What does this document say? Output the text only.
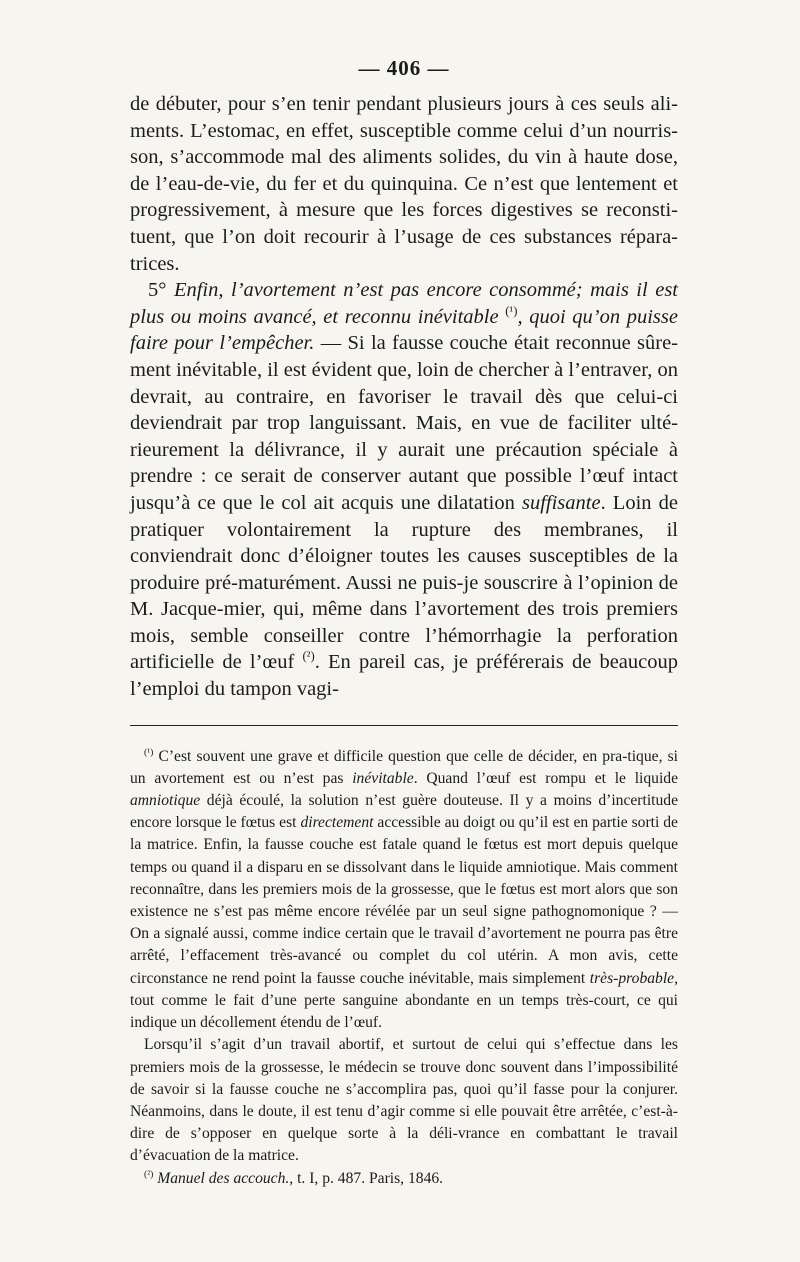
— 406 —

de débuter, pour s’en tenir pendant plusieurs jours à ces seuls ali-ments. L’estomac, en effet, susceptible comme celui d’un nourris-son, s’accommode mal des aliments solides, du vin à haute dose, de l’eau-de-vie, du fer et du quinquina. Ce n’est que lentement et progressivement, à mesure que les forces digestives se reconsti-tuent, que l’on doit recourir à l’usage de ces substances répara-trices.

5° Enfin, l’avortement n’est pas encore consommé; mais il est plus ou moins avancé, et reconnu inévitable $^{(^1)}$, quoi qu’on puisse faire pour l’empêcher. — Si la fausse couche était reconnue sûre-ment inévitable, il est évident que, loin de chercher à l’entraver, on devrait, au contraire, en favoriser le travail dès que celui-ci deviendrait par trop languissant. Mais, en vue de faciliter ulté-rieurement la délivrance, il y aurait une précaution spéciale à prendre : ce serait de conserver autant que possible l’œuf intact jusqu’à ce que le col ait acquis une dilatation suffisante. Loin de pratiquer volontairement la rupture des membranes, il conviendrait donc d’éloigner toutes les causes susceptibles de la produire pré-maturément. Aussi ne puis-je souscrire à l’opinion de M. Jacque-mier, qui, même dans l’avortement des trois premiers mois, semble conseiller contre l’hémorrhagie la perforation artificielle de l’œuf $^{(^2)}$. En pareil cas, je préférerais de beaucoup l’emploi du tampon vagi-

$^{(^1)}$ C’est souvent une grave et difficile question que celle de décider, en pra-tique, si un avortement est ou n’est pas inévitable. Quand l’œuf est rompu et le liquide amniotique déjà écoulé, la solution n’est guère douteuse. Il y a moins d’incertitude encore lorsque le fœtus est directement accessible au doigt ou qu’il est en partie sorti de la matrice. Enfin, la fausse couche est fatale quand le fœtus est mort depuis quelque temps ou quand il a disparu en se dissolvant dans le liquide amniotique. Mais comment reconnaître, dans les premiers mois de la grossesse, que le fœtus est mort alors que son existence ne s’est pas même encore révélée par un seul signe pathognomonique ? — On a signalé aussi, comme indice certain que le travail d’avortement ne pourra pas être arrêté, l’effacement très-avancé ou complet du col utérin. A mon avis, cette circonstance ne rend point la fausse couche inévitable, mais simplement très-probable, tout comme le fait d’une perte sanguine abondante en un temps très-court, ce qui indique un décollement étendu de l’œuf.

Lorsqu’il s’agit d’un travail abortif, et surtout de celui qui s’effectue dans les premiers mois de la grossesse, le médecin se trouve donc souvent dans l’impossibilité de savoir si la fausse couche ne s’accomplira pas, quoi qu’il fasse pour la conjurer. Néanmoins, dans le doute, il est tenu d’agir comme si elle pouvait être arrêtée, c’est-à-dire de s’opposer en quelque sorte à la déli-vrance en combattant le travail d’évacuation de la matrice.

$^{(^2)}$ Manuel des accouch., t. I, p. 487. Paris, 1846.
